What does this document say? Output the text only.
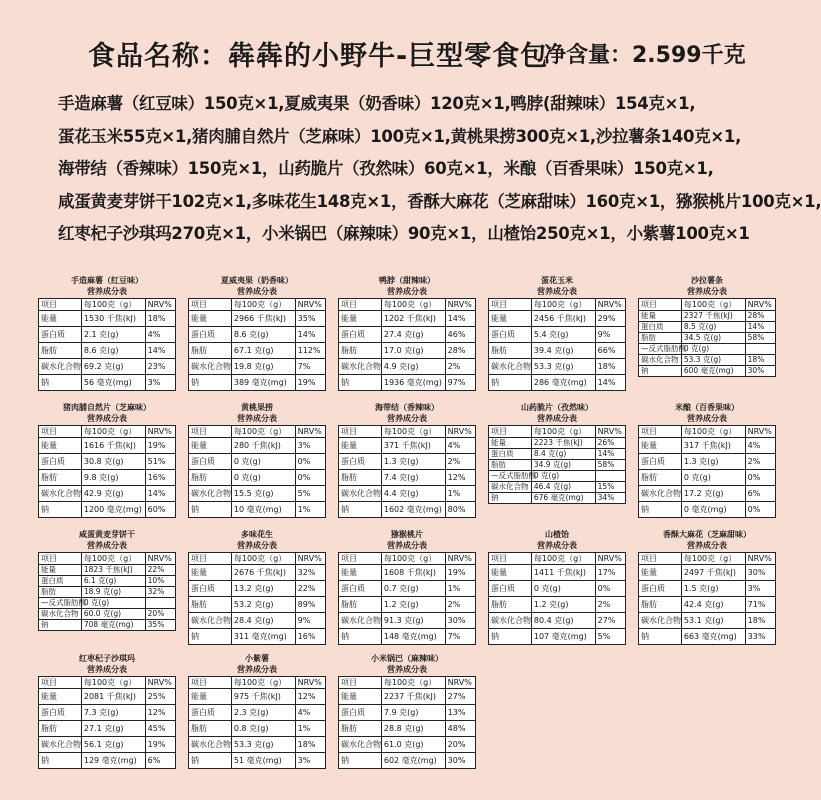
食品名称：犇犇的小野牛-巨型零食包
净含量：2.599千克
手造麻薯（红豆味）150克×1,夏威夷果（奶香味）120克×1,鸭脖(甜辣味）154克×1,
蛋花玉米55克×1,猪肉脯自然片（芝麻味）100克×1,黄桃果捞300克×1,沙拉薯条140克×1,
海带结（香辣味）150克×1，山药脆片（孜然味）60克×1，米酿（百香果味）150克×1,
咸蛋黄麦芽饼干102克×1,多味花生148克×1，香酥大麻花（芝麻甜味）160克×1，猕猴桃片100克×1,
红枣杞子沙琪玛270克×1，小米锅巴（麻辣味）90克×1，山楂饴250克×1，小紫薯100克×1
手造麻薯（红豆味）
营养成分表
项目	每100克（g）	NRV%
能量	1530 千焦(kJ)	18%
蛋白质	2.1 克(g)	4%
脂肪	8.6 克(g)	14%
碳水化合物	69.2 克(g)	23%
钠	56 毫克(mg)	3%
夏威夷果（奶香味）
营养成分表
项目	每100克（g）	NRV%
能量	2966 千焦(kJ)	35%
蛋白质	8.6 克(g)	14%
脂肪	67.1 克(g)	112%
碳水化合物	19.8 克(g)	7%
钠	389 毫克(mg)	19%
鸭脖（甜辣味）
营养成分表
项目	每100克（g）	NRV%
能量	1202 千焦(kJ)	14%
蛋白质	27.4 克(g)	46%
脂肪	17.0 克(g)	28%
碳水化合物	4.9 克(g)	2%
钠	1936 毫克(mg)	97%
蛋花玉米
营养成分表
项目	每100克（g）	NRV%
能量	2456 千焦(kJ)	29%
蛋白质	5.4 克(g)	9%
脂肪	39.4 克(g)	66%
碳水化合物	53.3 克(g)	18%
钠	286 毫克(mg)	14%
沙拉薯条
营养成分表
项目	每100克（g）	NRV%
能量	2327 千焦(kJ)	28%
蛋白质	8.5 克(g)	14%
脂肪	34.5 克(g)	58%
—反式脂肪酸	0 克(g)	
碳水化合物	53.3 克(g)	18%
钠	600 毫克(mg)	30%
猪肉脯自然片（芝麻味）
营养成分表
项目	每100克（g）	NRV%
能量	1616 千焦(kJ)	19%
蛋白质	30.8 克(g)	51%
脂肪	9.8 克(g)	16%
碳水化合物	42.9 克(g)	14%
钠	1200 毫克(mg)	60%
黄桃果捞
营养成分表
项目	每100克（g）	NRV%
能量	280 千焦(kJ)	3%
蛋白质	0 克(g)	0%
脂肪	0 克(g)	0%
碳水化合物	15.5 克(g)	5%
钠	10 毫克(mg)	1%
海带结（香辣味）
营养成分表
项目	每100克（g）	NRV%
能量	371 千焦(kJ)	4%
蛋白质	1.3 克(g)	2%
脂肪	7.4 克(g)	12%
碳水化合物	4.4 克(g)	1%
钠	1602 毫克(mg)	80%
山药脆片（孜然味）
营养成分表
项目	每100克（g）	NRV%
能量	2223 千焦(kJ)	26%
蛋白质	8.4 克(g)	14%
脂肪	34.9 克(g)	58%
—反式脂肪酸	0 克(g)	
碳水化合物	46.4 克(g)	15%
钠	676 毫克(mg)	34%
米酿（百香果味）
营养成分表
项目	每100克（g）	NRV%
能量	317 千焦(kJ)	4%
蛋白质	1.3 克(g)	2%
脂肪	0 克(g)	0%
碳水化合物	17.2 克(g)	6%
钠	0 毫克(mg)	0%
咸蛋黄麦芽饼干
营养成分表
项目	每100克（g）	NRV%
能量	1823 千焦(kJ)	22%
蛋白质	6.1 克(g)	10%
脂肪	18.9 克(g)	32%
—反式脂肪酸	0 克(g)	
碳水化合物	60.0 克(g)	20%
钠	708 毫克(mg)	35%
多味花生
营养成分表
项目	每100克（g）	NRV%
能量	2676 千焦(kJ)	32%
蛋白质	13.2 克(g)	22%
脂肪	53.2 克(g)	89%
碳水化合物	28.4 克(g)	9%
钠	311 毫克(mg)	16%
猕猴桃片
营养成分表
项目	每100克（g）	NRV%
能量	1608 千焦(kJ)	19%
蛋白质	0.7 克(g)	1%
脂肪	1.2 克(g)	2%
碳水化合物	91.3 克(g)	30%
钠	148 毫克(mg)	7%
山楂饴
营养成分表
项目	每100克（g）	NRV%
能量	1411 千焦(kJ)	17%
蛋白质	0 克(g)	0%
脂肪	1.2 克(g)	2%
碳水化合物	80.4 克(g)	27%
钠	107 毫克(mg)	5%
香酥大麻花（芝麻甜味）
营养成分表
项目	每100克（g）	NRV%
能量	2497 千焦(kJ)	30%
蛋白质	1.5 克(g)	3%
脂肪	42.4 克(g)	71%
碳水化合物	53.1 克(g)	18%
钠	663 毫克(mg)	33%
红枣杞子沙琪玛
营养成分表
项目	每100克（g）	NRV%
能量	2081 千焦(kJ)	25%
蛋白质	7.3 克(g)	12%
脂肪	27.1 克(g)	45%
碳水化合物	56.1 克(g)	19%
钠	129 毫克(mg)	6%
小紫薯
营养成分表
项目	每100克（g）	NRV%
能量	975 千焦(kJ)	12%
蛋白质	2.3 克(g)	4%
脂肪	0.8 克(g)	1%
碳水化合物	53.3 克(g)	18%
钠	51 毫克(mg)	3%
小米锅巴（麻辣味）
营养成分表
项目	每100克（g）	NRV%
能量	2237 千焦(kJ)	27%
蛋白质	7.9 克(g)	13%
脂肪	28.8 克(g)	48%
碳水化合物	61.0 克(g)	20%
钠	602 毫克(mg)	30%
